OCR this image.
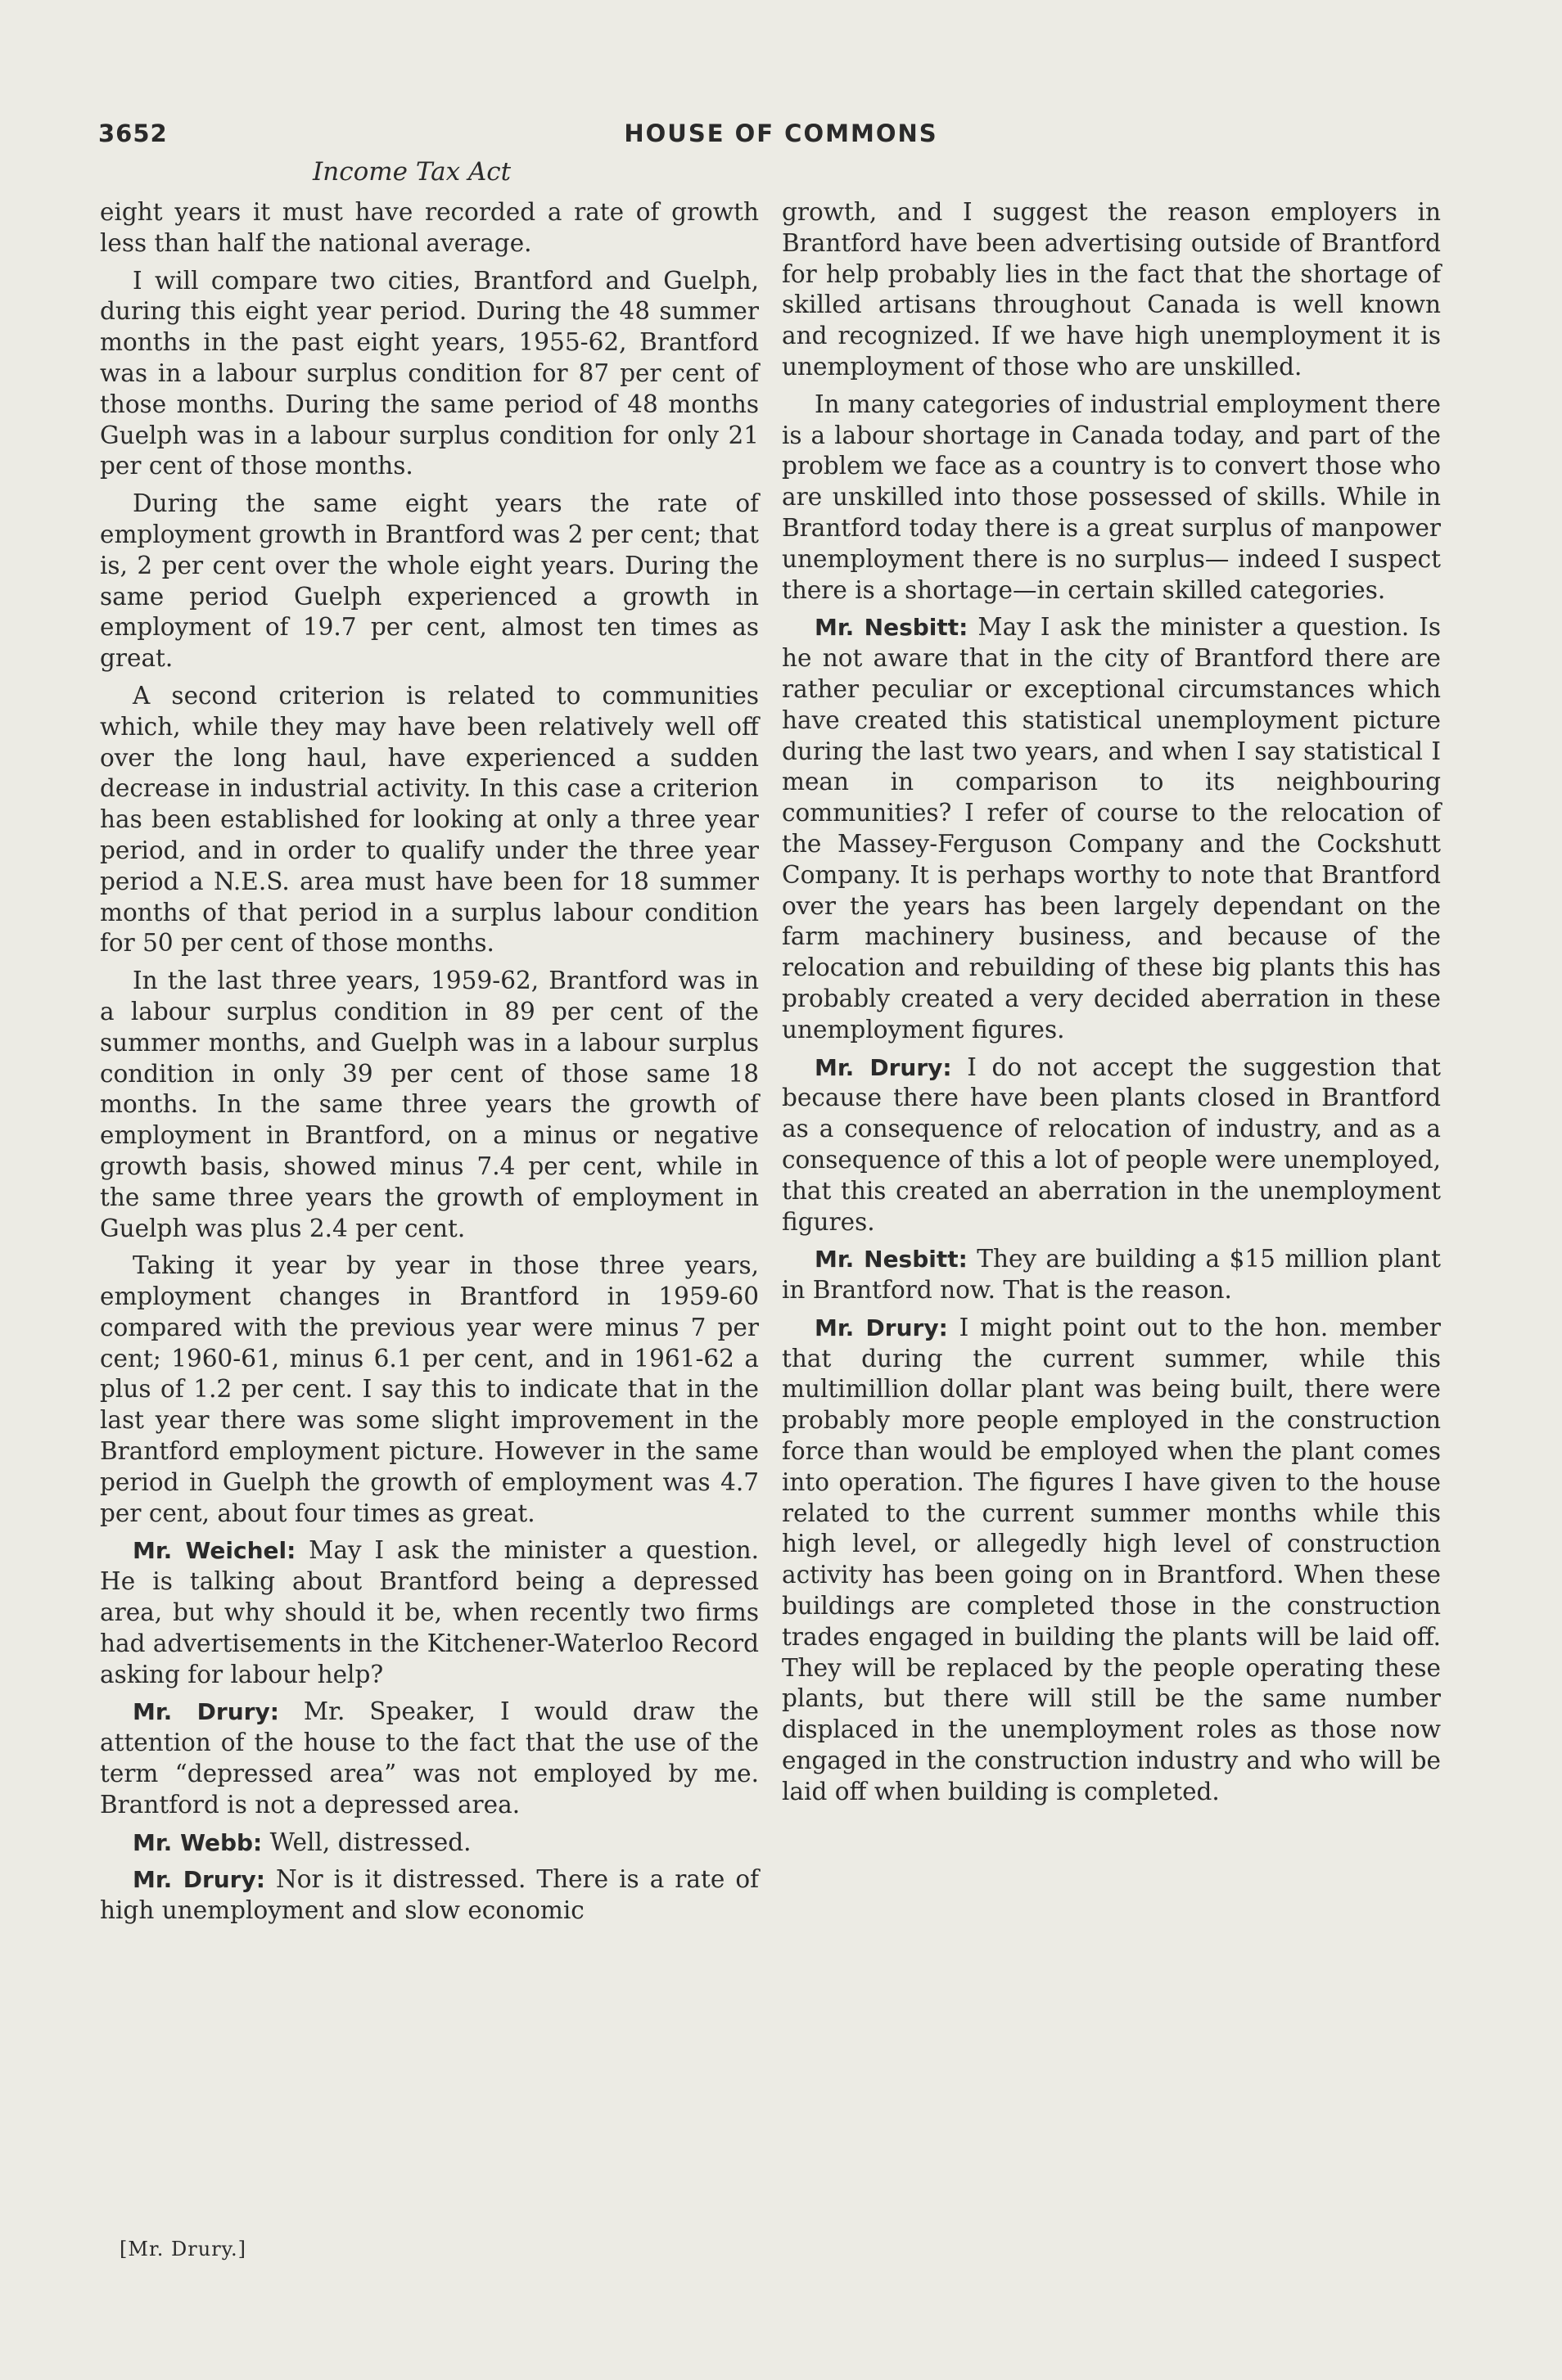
3652	HOUSE OF COMMONS
Income Tax Act

eight years it must have recorded a rate of growth less than half the national average.

I will compare two cities, Brantford and Guelph, during this eight year period. During the 48 summer months in the past eight years, 1955-62, Brantford was in a labour surplus condition for 87 per cent of those months. During the same period of 48 months Guelph was in a labour surplus condition for only 21 per cent of those months.

During the same eight years the rate of employment growth in Brantford was 2 per cent; that is, 2 per cent over the whole eight years. During the same period Guelph experienced a growth in employment of 19.7 per cent, almost ten times as great.

A second criterion is related to communities which, while they may have been relatively well off over the long haul, have experienced a sudden decrease in industrial activity. In this case a criterion has been established for looking at only a three year period, and in order to qualify under the three year period a N.E.S. area must have been for 18 summer months of that period in a surplus labour condition for 50 per cent of those months.

In the last three years, 1959-62, Brantford was in a labour surplus condition in 89 per cent of the summer months, and Guelph was in a labour surplus condition in only 39 per cent of those same 18 months. In the same three years the growth of employment in Brantford, on a minus or negative growth basis, showed minus 7.4 per cent, while in the same three years the growth of employment in Guelph was plus 2.4 per cent.

Taking it year by year in those three years, employment changes in Brantford in 1959-60 compared with the previous year were minus 7 per cent; 1960-61, minus 6.1 per cent, and in 1961-62 a plus of 1.2 per cent. I say this to indicate that in the last year there was some slight improvement in the Brantford employment picture. However in the same period in Guelph the growth of employment was 4.7 per cent, about four times as great.

Mr. Weichel: May I ask the minister a question. He is talking about Brantford being a depressed area, but why should it be, when recently two firms had advertisements in the Kitchener-Waterloo Record asking for labour help?

Mr. Drury: Mr. Speaker, I would draw the attention of the house to the fact that the use of the term “depressed area” was not employed by me. Brantford is not a depressed area.

Mr. Webb: Well, distressed.

Mr. Drury: Nor is it distressed. There is a rate of high unemployment and slow economic

growth, and I suggest the reason employers in Brantford have been advertising outside of Brantford for help probably lies in the fact that the shortage of skilled artisans throughout Canada is well known and recognized. If we have high unemployment it is unemployment of those who are unskilled.

In many categories of industrial employment there is a labour shortage in Canada today, and part of the problem we face as a country is to convert those who are unskilled into those possessed of skills. While in Brantford today there is a great surplus of manpower unemployment there is no surplus— indeed I suspect there is a shortage—in certain skilled categories.

Mr. Nesbitt: May I ask the minister a question. Is he not aware that in the city of Brantford there are rather peculiar or exceptional circumstances which have created this statistical unemployment picture during the last two years, and when I say statistical I mean in comparison to its neighbouring communities? I refer of course to the relocation of the Massey-Ferguson Company and the Cockshutt Company. It is perhaps worthy to note that Brantford over the years has been largely dependant on the farm machinery business, and because of the relocation and rebuilding of these big plants this has probably created a very decided aberration in these unemployment figures.

Mr. Drury: I do not accept the suggestion that because there have been plants closed in Brantford as a consequence of relocation of industry, and as a consequence of this a lot of people were unemployed, that this created an aberration in the unemployment figures.

Mr. Nesbitt: They are building a $15 million plant in Brantford now. That is the reason.

Mr. Drury: I might point out to the hon. member that during the current summer, while this multimillion dollar plant was being built, there were probably more people employed in the construction force than would be employed when the plant comes into operation. The figures I have given to the house related to the current summer months while this high level, or allegedly high level of construction activity has been going on in Brantford. When these buildings are completed those in the construction trades engaged in building the plants will be laid off. They will be replaced by the people operating these plants, but there will still be the same number displaced in the unemployment roles as those now engaged in the construction industry and who will be laid off when building is completed.

[Mr. Drury.]
